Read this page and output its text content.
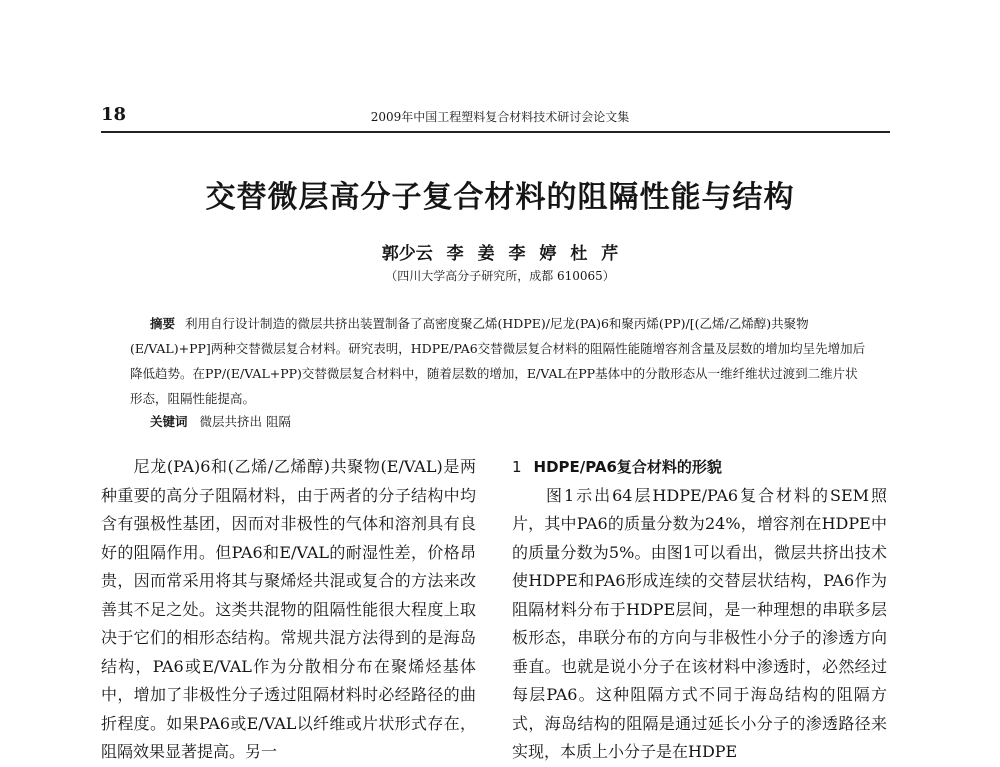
18	2009年中国工程塑料复合材料技术研讨会论文集
交替微层高分子复合材料的阻隔性能与结构
郭少云 李 姜 李 婷 杜 芹
（四川大学高分子研究所，成都 610065）
摘要 利用自行设计制造的微层共挤出装置制备了高密度聚乙烯(HDPE)/尼龙(PA)6和聚丙烯(PP)/[(乙烯/乙烯醇)共聚物(E/VAL)+PP]两种交替微层复合材料。研究表明，HDPE/PA6交替微层复合材料的阻隔性能随增容剂含量及层数的增加均呈先增加后降低趋势。在PP/(E/VAL+PP)交替微层复合材料中，随着层数的增加，E/VAL在PP基体中的分散形态从一维纤维状过渡到二维片状形态，阻隔性能提高。
关键词 微层共挤出 阻隔

尼龙(PA)6和(乙烯/乙烯醇)共聚物(E/VAL)是两种重要的高分子阻隔材料，由于两者的分子结构中均含有强极性基团，因而对非极性的气体和溶剂具有良好的阻隔作用。但PA6和E/VAL的耐湿性差，价格昂贵，因而常采用将其与聚烯烃共混或复合的方法来改善其不足之处。这类共混物的阻隔性能很大程度上取决于它们的相形态结构。常规共混方法得到的是海岛结构，PA6或E/VAL作为分散相分布在聚烯烃基体中，增加了非极性分子透过阻隔材料时必经路径的曲折程度。如果PA6或E/VAL以纤维或片状形式存在，阻隔效果显著提高。另一

1 HDPE/PA6复合材料的形貌

图1示出64层HDPE/PA6复合材料的SEM照片，其中PA6的质量分数为24%，增容剂在HDPE中的质量分数为5%。由图1可以看出，微层共挤出技术使HDPE和PA6形成连续的交替层状结构，PA6作为阻隔材料分布于HDPE层间，是一种理想的串联多层板形态，串联分布的方向与非极性小分子的渗透方向垂直。也就是说小分子在该材料中渗透时，必然经过每层PA6。这种阻隔方式不同于海岛结构的阻隔方式，海岛结构的阻隔是通过延长小分子的渗透路径来实现，本质上小分子是在HDPE
